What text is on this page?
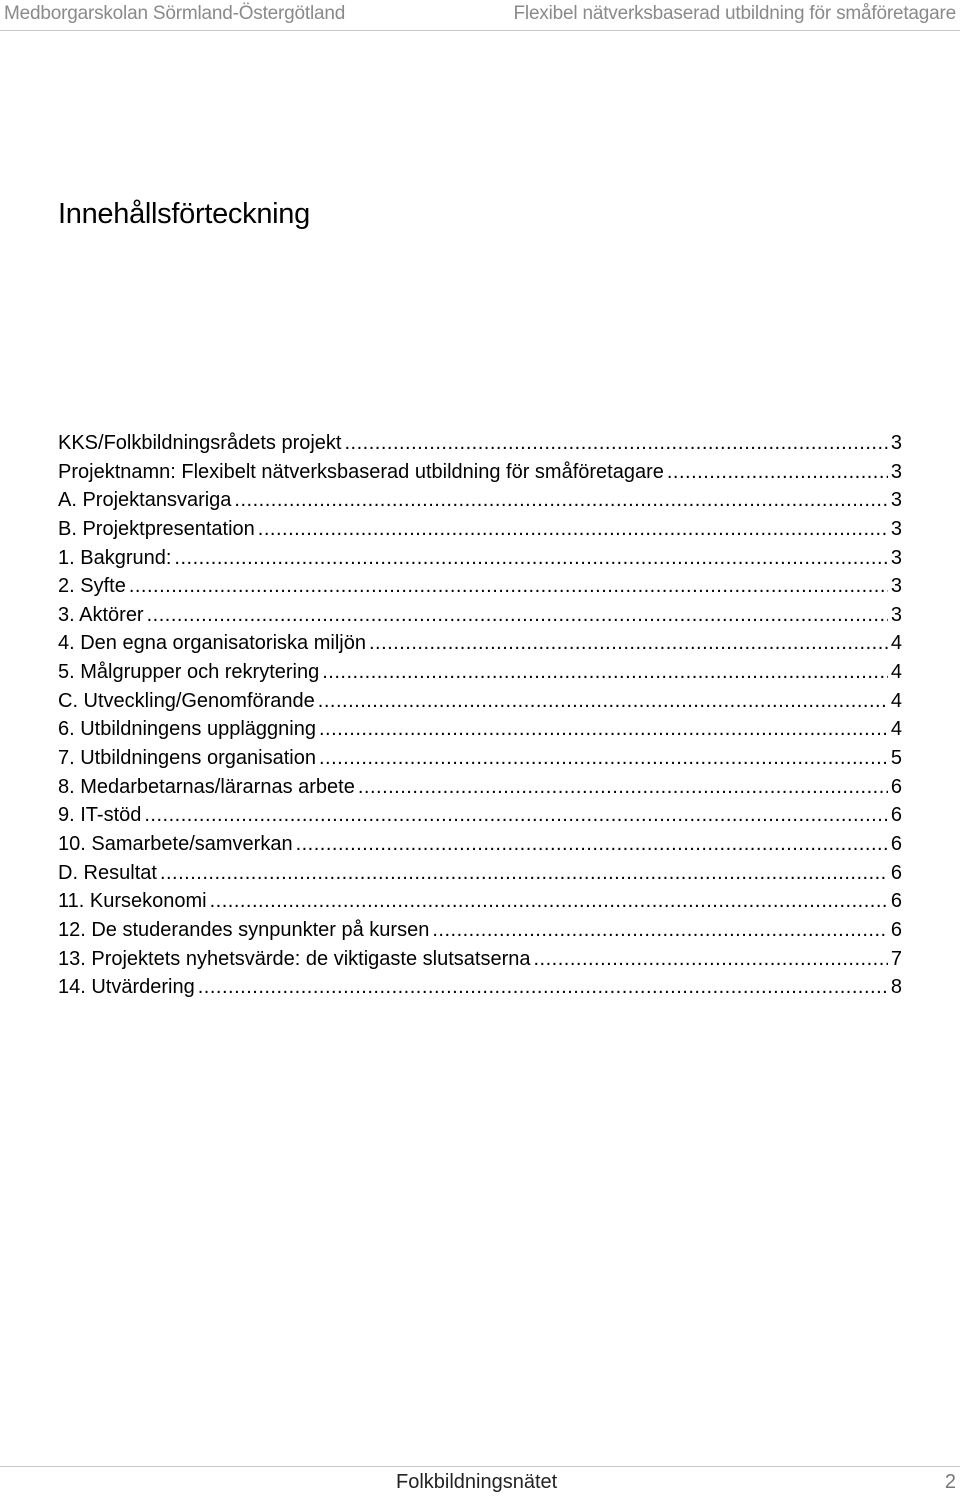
Medborgarskolan Sörmland-Östergötland	Flexibel nätverksbaserad utbildning för småföretagare
Innehållsförteckning
KKS/Folkbildningsrådets projekt .....	3
Projektnamn: Flexibelt nätverksbaserad utbildning för småföretagare .....	3
A. Projektansvariga .....	3
B. Projektpresentation .....	3
1. Bakgrund: .....	3
2. Syfte .....	3
3. Aktörer .....	3
4. Den egna organisatoriska miljön .....	4
5. Målgrupper och rekrytering .....	4
C. Utveckling/Genomförande .....	4
6. Utbildningens uppläggning .....	4
7. Utbildningens organisation .....	5
8. Medarbetarnas/lärarnas arbete .....	6
9. IT-stöd .....	6
10. Samarbete/samverkan .....	6
D. Resultat .....	6
11. Kursekonomi .....	6
12. De studerandes synpunkter på kursen .....	6
13. Projektets nyhetsvärde: de viktigaste slutsatserna .....	7
14. Utvärdering .....	8
Folkbildningsnätet	2
